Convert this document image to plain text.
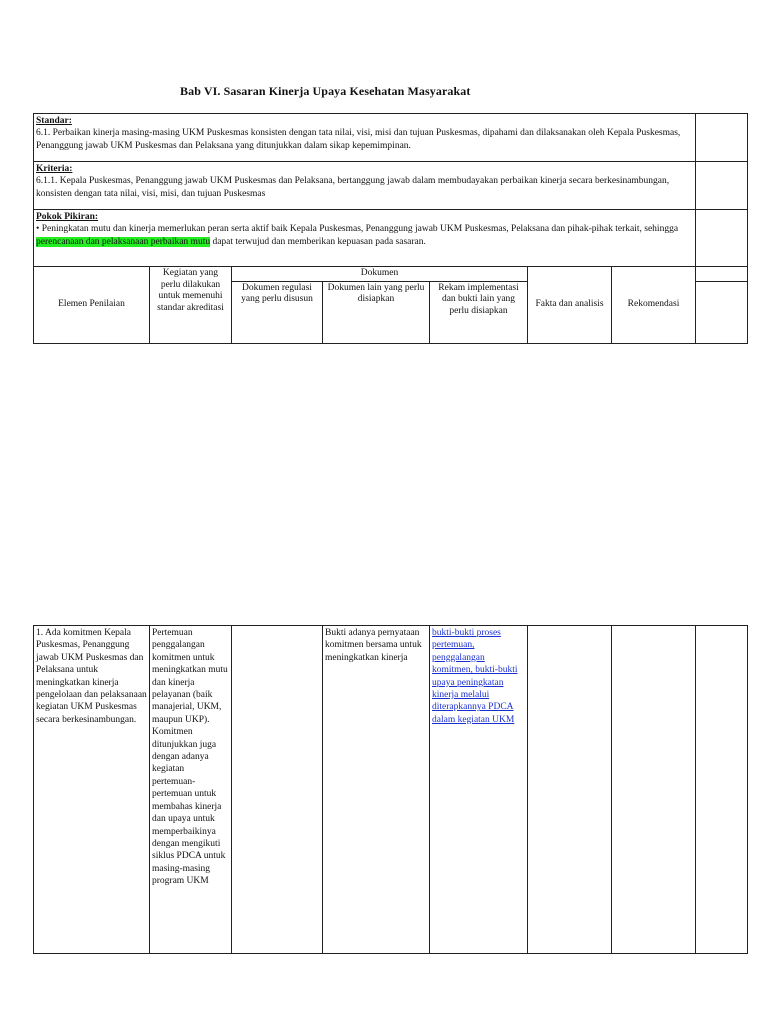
Bab VI. Sasaran Kinerja Upaya Kesehatan Masyarakat
Standar:
6.1. Perbaikan kinerja masing-masing UKM Puskesmas konsisten dengan tata nilai, visi, misi dan tujuan Puskesmas, dipahami dan dilaksanakan oleh Kepala Puskesmas, Penanggung jawab UKM Puskesmas dan Pelaksana yang ditunjukkan dalam sikap kepemimpinan.							

Kriteria:
6.1.1. Kepala Puskesmas, Penanggung jawab UKM Puskesmas dan Pelaksana, bertanggung jawab dalam membudayakan perbaikan kinerja secara berkesinambungan, konsisten dengan tata nilai, visi, misi, dan tujuan Puskesmas							

Pokok Pikiran:
• Peningkatan mutu dan kinerja memerlukan peran serta aktif baik Kepala Puskesmas, Penanggung jawab UKM Puskesmas, Pelaksana dan pihak-pihak terkait, sehingga perencanaan dan pelaksanaan perbaikan mutu dapat terwujud dan memberikan kepuasan pada sasaran.							

Elemen Penilaian	Kegiatan yang perlu dilakukan untuk memenuhi standar akreditasi	Dokumen			Fakta dan analisis	Rekomendasi	
		Dokumen regulasi yang perlu disusun	Dokumen lain yang perlu disiapkan	Rekam implementasi dan bukti lain yang perlu disiapkan			
1. Ada komitmen Kepala Puskesmas, Penanggung jawab UKM Puskesmas dan Pelaksana untuk meningkatkan kinerja pengelolaan dan pelaksanaan kegiatan UKM Puskesmas secara berkesinambungan.	Pertemuan penggalangan komitmen untuk meningkatkan mutu dan kinerja pelayanan (baik manajerial, UKM, maupun UKP). Komitmen ditunjukkan juga dengan adanya kegiatan pertemuan-pertemuan untuk membahas kinerja dan upaya untuk memperbaikinya dengan mengikuti siklus PDCA untuk masing-masing program UKM		Bukti adanya pernyataan komitmen bersama untuk meningkatkan kinerja	bukti-bukti proses pertemuan, penggalangan komitmen, bukti-bukti upaya peningkatan kinerja melalui diterapkannya PDCA dalam kegiatan UKM			
